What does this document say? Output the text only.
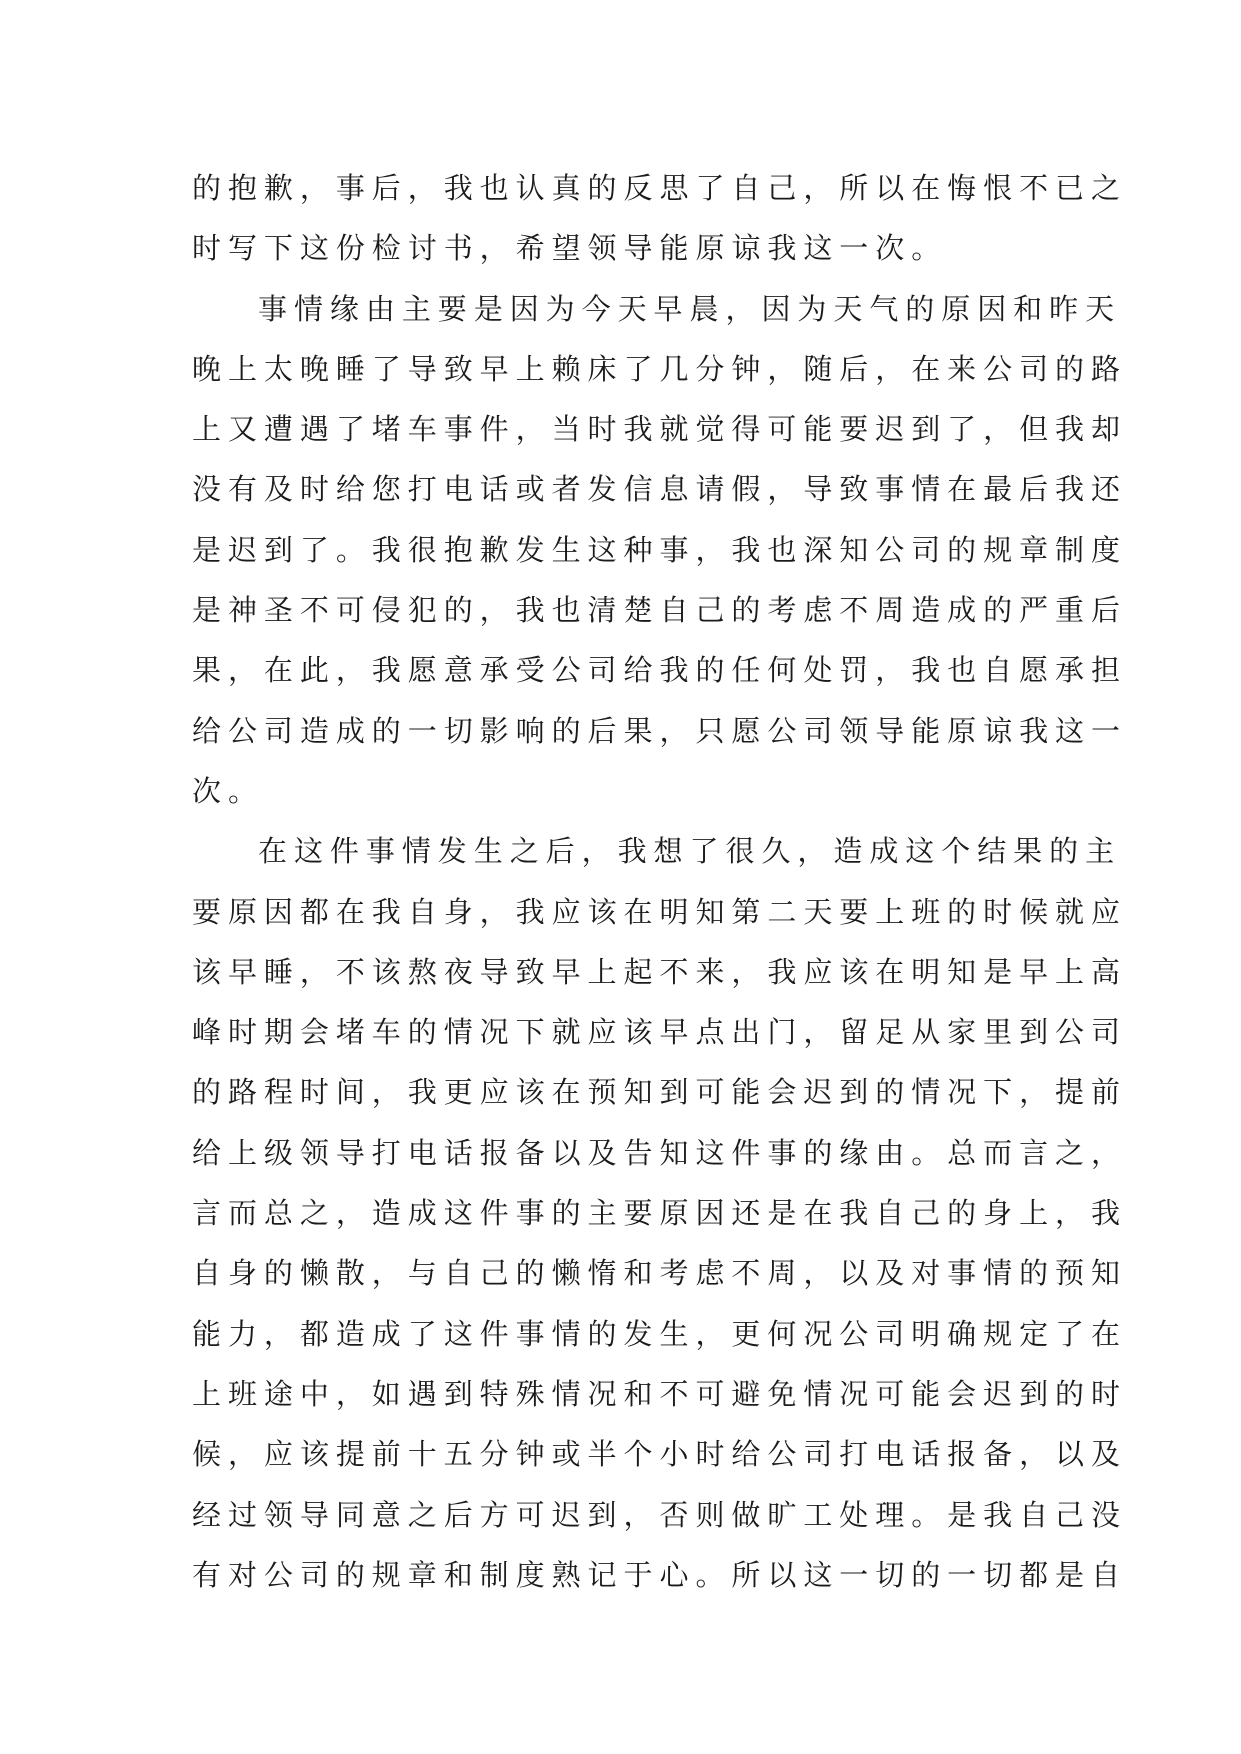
的抱歉，事后，我也认真的反思了自己，所以在悔恨不已之
时写下这份检讨书，希望领导能原谅我这一次。
事情缘由主要是因为今天早晨，因为天气的原因和昨天
晚上太晚睡了导致早上赖床了几分钟，随后，在来公司的路
上又遭遇了堵车事件，当时我就觉得可能要迟到了，但我却
没有及时给您打电话或者发信息请假，导致事情在最后我还
是迟到了。我很抱歉发生这种事，我也深知公司的规章制度
是神圣不可侵犯的，我也清楚自己的考虑不周造成的严重后
果，在此，我愿意承受公司给我的任何处罚，我也自愿承担
给公司造成的一切影响的后果，只愿公司领导能原谅我这一
次。
在这件事情发生之后，我想了很久，造成这个结果的主
要原因都在我自身，我应该在明知第二天要上班的时候就应
该早睡，不该熬夜导致早上起不来，我应该在明知是早上高
峰时期会堵车的情况下就应该早点出门，留足从家里到公司
的路程时间，我更应该在预知到可能会迟到的情况下，提前
给上级领导打电话报备以及告知这件事的缘由。总而言之，
言而总之，造成这件事的主要原因还是在我自己的身上，我
自身的懒散，与自己的懒惰和考虑不周，以及对事情的预知
能力，都造成了这件事情的发生，更何况公司明确规定了在
上班途中，如遇到特殊情况和不可避免情况可能会迟到的时
候，应该提前十五分钟或半个小时给公司打电话报备，以及
经过领导同意之后方可迟到，否则做旷工处理。是我自己没
有对公司的规章和制度熟记于心。所以这一切的一切都是自
